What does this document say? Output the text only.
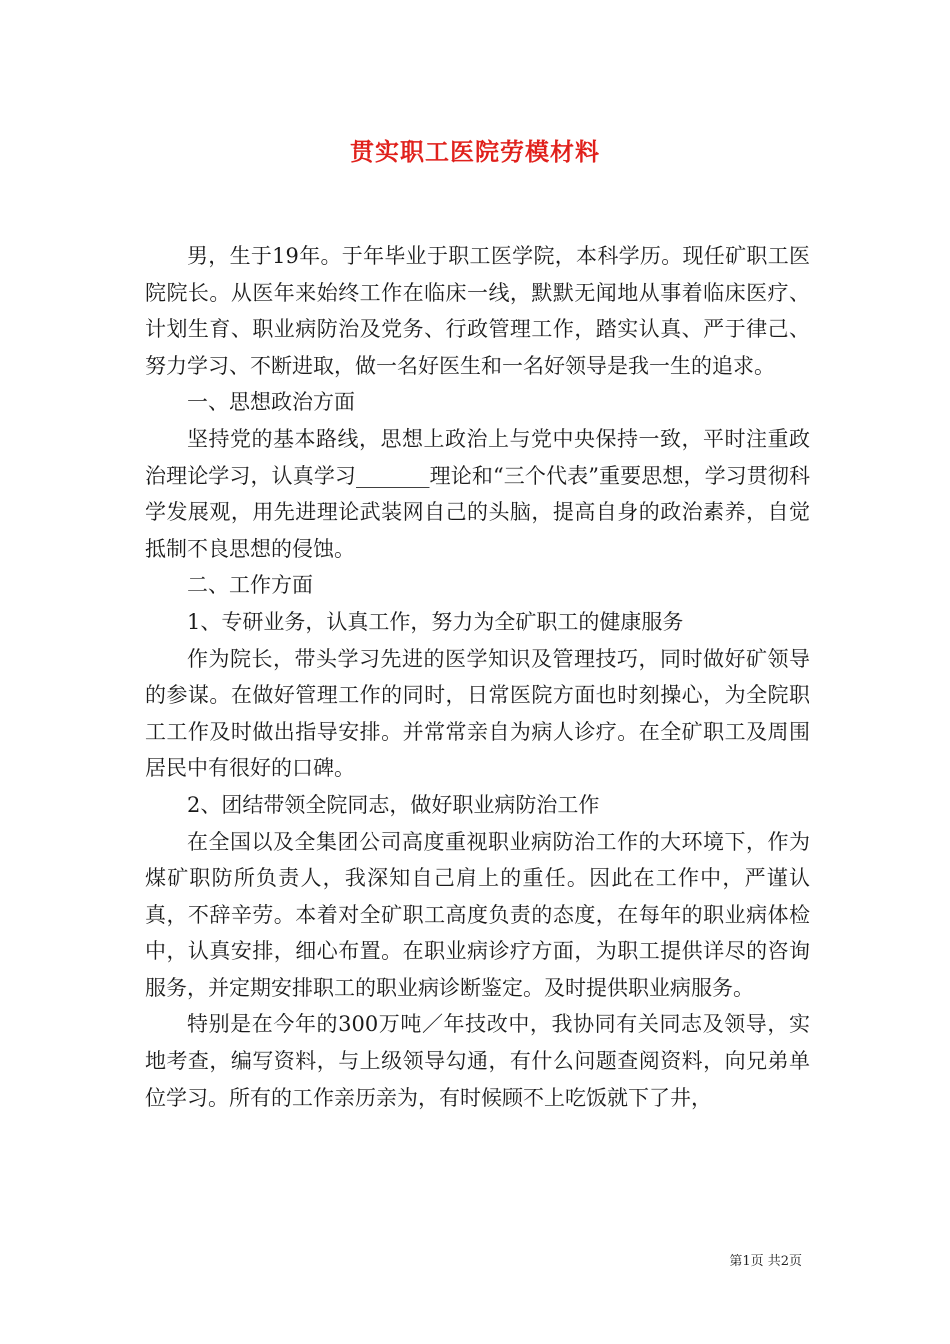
贯实职工医院劳模材料

男，生于19年。于年毕业于职工医学院，本科学历。现任矿职工医院院长。从医年来始终工作在临床一线，默默无闻地从事着临床医疗、计划生育、职业病防治及党务、行政管理工作，踏实认真、严于律己、努力学习、不断进取，做一名好医生和一名好领导是我一生的追求。

一、思想政治方面

坚持党的基本路线，思想上政治上与党中央保持一致，平时注重政治理论学习，认真学习_______理论和“三个代表”重要思想，学习贯彻科学发展观，用先进理论武装网自己的头脑，提高自身的政治素养，自觉抵制不良思想的侵蚀。

二、工作方面

1、专研业务，认真工作，努力为全矿职工的健康服务

作为院长，带头学习先进的医学知识及管理技巧，同时做好矿领导的参谋。在做好管理工作的同时，日常医院方面也时刻操心，为全院职工工作及时做出指导安排。并常常亲自为病人诊疗。在全矿职工及周围居民中有很好的口碑。

2、团结带领全院同志，做好职业病防治工作

在全国以及全集团公司高度重视职业病防治工作的大环境下，作为煤矿职防所负责人，我深知自己肩上的重任。因此在工作中，严谨认真，不辞辛劳。本着对全矿职工高度负责的态度，在每年的职业病体检中，认真安排，细心布置。在职业病诊疗方面，为职工提供详尽的咨询服务，并定期安排职工的职业病诊断鉴定。及时提供职业病服务。

特别是在今年的300万吨／年技改中，我协同有关同志及领导，实地考查，编写资料，与上级领导勾通，有什么问题查阅资料，向兄弟单位学习。所有的工作亲历亲为，有时候顾不上吃饭就下了井，

第1页 共2页
